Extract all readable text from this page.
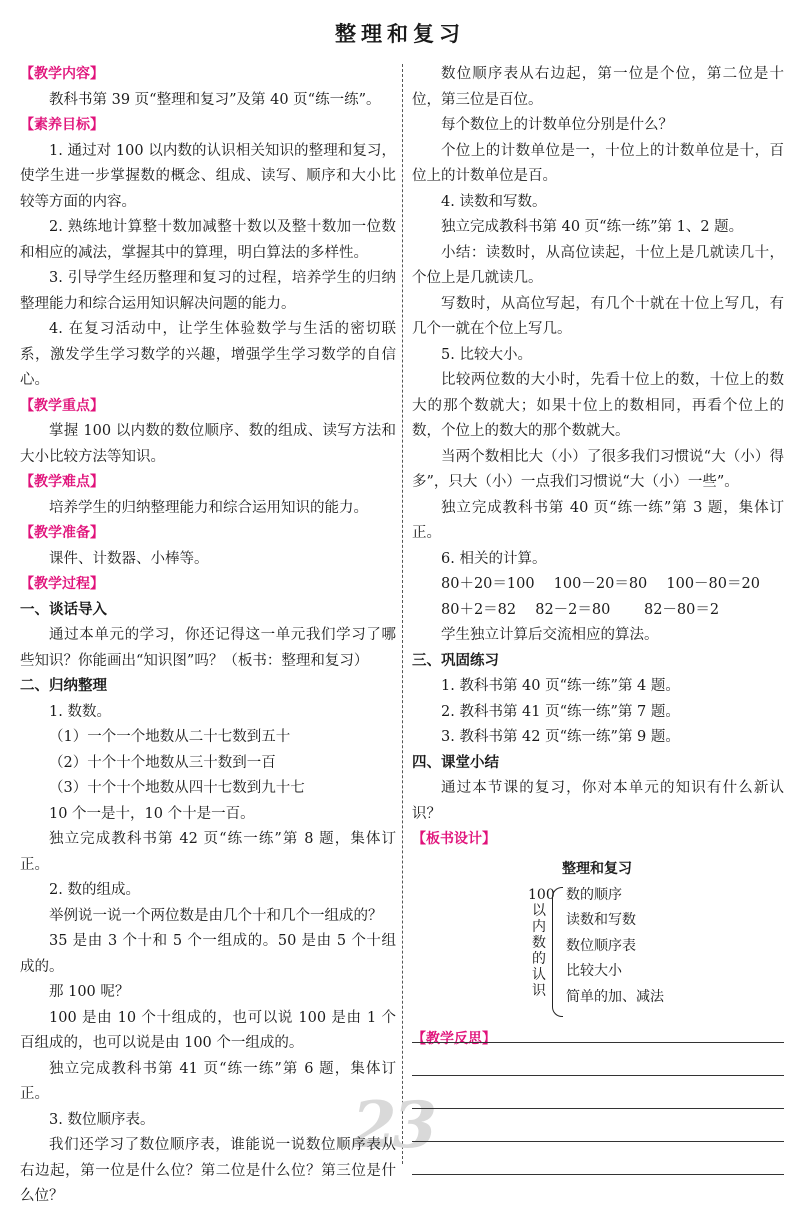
整理和复习
23
【教学内容】

教科书第 39 页“整理和复习”及第 40 页“练一练”。

【素养目标】

1. 通过对 100 以内数的认识相关知识的整理和复习，使学生进一步掌握数的概念、组成、读写、顺序和大小比较等方面的内容。

2. 熟练地计算整十数加减整十数以及整十数加一位数和相应的减法，掌握其中的算理，明白算法的多样性。

3. 引导学生经历整理和复习的过程，培养学生的归纳整理能力和综合运用知识解决问题的能力。

4. 在复习活动中，让学生体验数学与生活的密切联系，激发学生学习数学的兴趣，增强学生学习数学的自信心。

【教学重点】

掌握 100 以内数的数位顺序、数的组成、读写方法和大小比较方法等知识。

【教学难点】

培养学生的归纳整理能力和综合运用知识的能力。

【教学准备】

课件、计数器、小棒等。

【教学过程】

一、谈话导入

通过本单元的学习，你还记得这一单元我们学习了哪些知识？你能画出“知识图”吗？（板书：整理和复习）

二、归纳整理

1. 数数。

（1）一个一个地数从二十七数到五十

（2）十个十个地数从三十数到一百

（3）十个十个地数从四十七数到九十七

10 个一是十，10 个十是一百。

独立完成教科书第 42 页“练一练”第 8 题，集体订正。

2. 数的组成。

举例说一说一个两位数是由几个十和几个一组成的？

35 是由 3 个十和 5 个一组成的。50 是由 5 个十组成的。

那 100 呢？

100 是由 10 个十组成的，也可以说 100 是由 1 个百组成的，也可以说是由 100 个一组成的。

独立完成教科书第 41 页“练一练”第 6 题，集体订正。

3. 数位顺序表。

我们还学习了数位顺序表，谁能说一说数位顺序表从右边起，第一位是什么位？第二位是什么位？第三位是什么位？

数位顺序表从右边起，第一位是个位，第二位是十位，第三位是百位。

每个数位上的计数单位分别是什么？

个位上的计数单位是一，十位上的计数单位是十，百位上的计数单位是百。

4. 读数和写数。

独立完成教科书第 40 页“练一练”第 1、2 题。

小结：读数时，从高位读起，十位上是几就读几十，个位上是几就读几。

写数时，从高位写起，有几个十就在十位上写几，有几个一就在个位上写几。

5. 比较大小。

比较两位数的大小时，先看十位上的数，十位上的数大的那个数就大；如果十位上的数相同，再看个位上的数，个位上的数大的那个数就大。

当两个数相比大（小）了很多我们习惯说“大（小）得多”，只大（小）一点我们习惯说“大（小）一些”。

独立完成教科书第 40 页“练一练”第 3 题，集体订正。

6. 相关的计算。

80＋20＝100　 100－20＝80　 100－80＝20

80＋2＝82　 82－2＝80　　 82－80＝2

学生独立计算后交流相应的算法。

三、巩固练习

1. 教科书第 40 页“练一练”第 4 题。

2. 教科书第 41 页“练一练”第 7 题。

3. 教科书第 42 页“练一练”第 9 题。

四、课堂小结

通过本节课的复习，你对本单元的知识有什么新认识？

【板书设计】
整理和复习
100
以
内
数
的
认
识
数的顺序
读数和写数
数位顺序表
比较大小
简单的加、减法
【教学反思】
